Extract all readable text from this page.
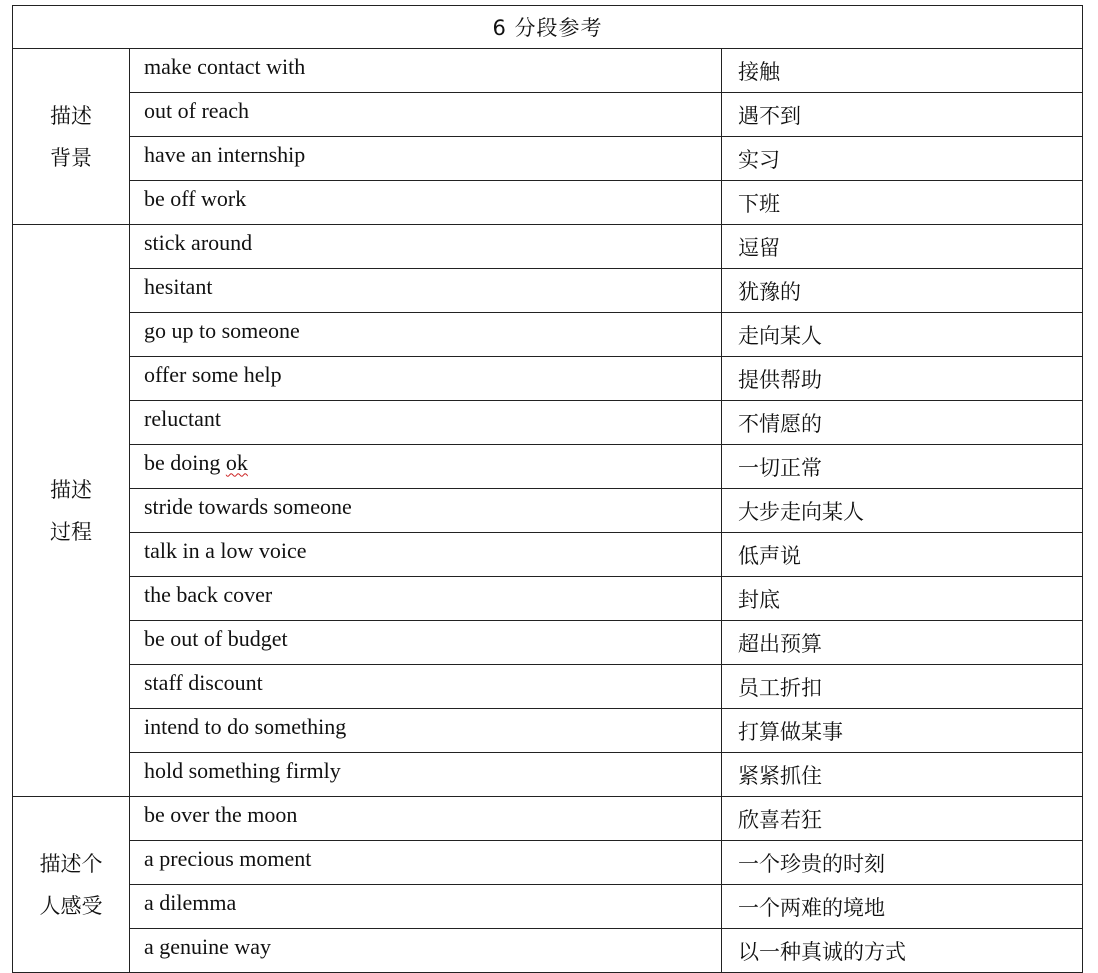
6 分段参考		

描述
背景	make contact with	接触
	out of reach	遇不到
	have an internship	实习
	be off work	下班

描述
过程	stick around	逗留
	hesitant	犹豫的
	go up to someone	走向某人
	offer some help	提供帮助
	reluctant	不情愿的
	be doing ok	一切正常
	stride towards someone	大步走向某人
	talk in a low voice	低声说
	the back cover	封底
	be out of budget	超出预算
	staff discount	员工折扣
	intend to do something	打算做某事
	hold something firmly	紧紧抓住

描述个
人感受	be over the moon	欣喜若狂
	a precious moment	一个珍贵的时刻
	a dilemma	一个两难的境地
	a genuine way	以一种真诚的方式
